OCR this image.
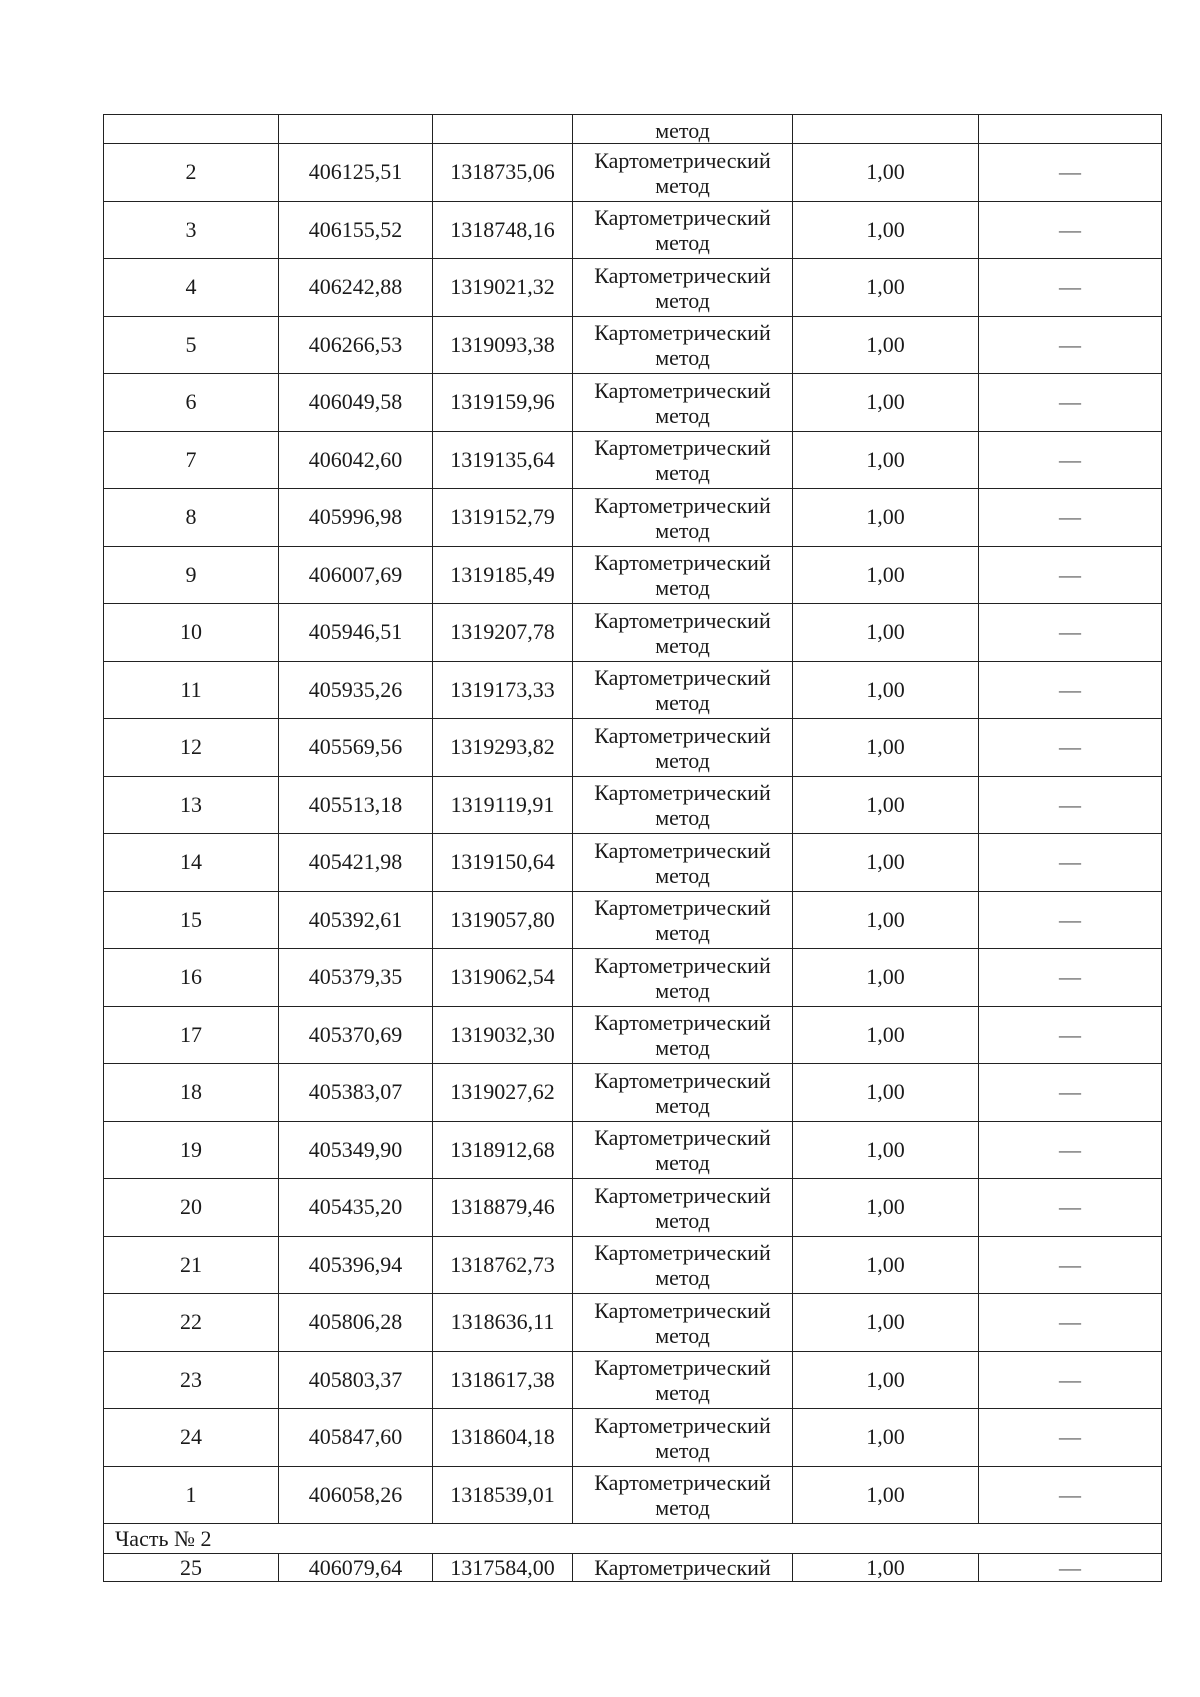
			метод		
2	406125,51	1318735,06	Картометрический
метод	1,00	—
3	406155,52	1318748,16	Картометрический
метод	1,00	—
4	406242,88	1319021,32	Картометрический
метод	1,00	—
5	406266,53	1319093,38	Картометрический
метод	1,00	—
6	406049,58	1319159,96	Картометрический
метод	1,00	—
7	406042,60	1319135,64	Картометрический
метод	1,00	—
8	405996,98	1319152,79	Картометрический
метод	1,00	—
9	406007,69	1319185,49	Картометрический
метод	1,00	—
10	405946,51	1319207,78	Картометрический
метод	1,00	—
11	405935,26	1319173,33	Картометрический
метод	1,00	—
12	405569,56	1319293,82	Картометрический
метод	1,00	—
13	405513,18	1319119,91	Картометрический
метод	1,00	—
14	405421,98	1319150,64	Картометрический
метод	1,00	—
15	405392,61	1319057,80	Картометрический
метод	1,00	—
16	405379,35	1319062,54	Картометрический
метод	1,00	—
17	405370,69	1319032,30	Картометрический
метод	1,00	—
18	405383,07	1319027,62	Картометрический
метод	1,00	—
19	405349,90	1318912,68	Картометрический
метод	1,00	—
20	405435,20	1318879,46	Картометрический
метод	1,00	—
21	405396,94	1318762,73	Картометрический
метод	1,00	—
22	405806,28	1318636,11	Картометрический
метод	1,00	—
23	405803,37	1318617,38	Картометрический
метод	1,00	—
24	405847,60	1318604,18	Картометрический
метод	1,00	—
1	406058,26	1318539,01	Картометрический
метод	1,00	—
Часть № 2					
25	406079,64	1317584,00	Картометрический	1,00	—
